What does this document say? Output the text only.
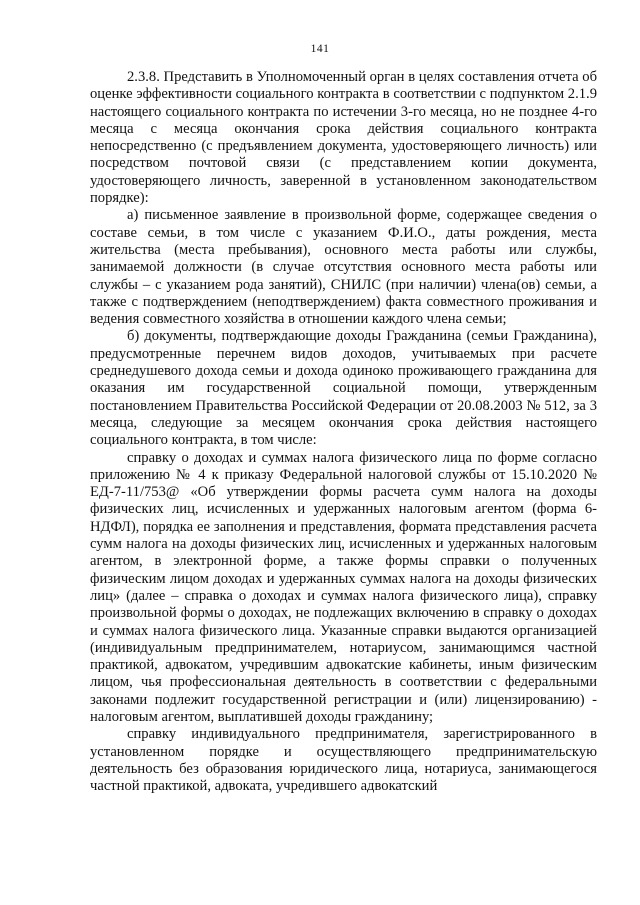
141

2.3.8. Представить в Уполномоченный орган в целях составления отчета об оценке эффективности социального контракта в соответствии с подпунктом 2.1.9 настоящего социального контракта по истечении 3-го месяца, но не позднее 4-го месяца с месяца окончания срока действия социального контракта непосредственно (с предъявлением документа, удостоверяющего личность) или посредством почтовой связи (с представлением копии документа, удостоверяющего личность, заверенной в установленном законодательством порядке):

а) письменное заявление в произвольной форме, содержащее сведения о составе семьи, в том числе с указанием Ф.И.О., даты рождения, места жительства (места пребывания), основного места работы или службы, занимаемой должности (в случае отсутствия основного места работы или службы – с указанием рода занятий), СНИЛС (при наличии) члена(ов) семьи, а также с подтверждением (неподтверждением) факта совместного проживания и ведения совместного хозяйства в отношении каждого члена семьи;

б) документы, подтверждающие доходы Гражданина (семьи Гражданина), предусмотренные перечнем видов доходов, учитываемых при расчете среднедушевого дохода семьи и дохода одиноко проживающего гражданина для оказания им государственной социальной помощи, утвержденным постановлением Правительства Российской Федерации от 20.08.2003 № 512, за 3 месяца, следующие за месяцем окончания срока действия настоящего социального контракта, в том числе:

справку о доходах и суммах налога физического лица по форме согласно приложению № 4 к приказу Федеральной налоговой службы от 15.10.2020 № ЕД-7-11/753@ «Об утверждении формы расчета сумм налога на доходы физических лиц, исчисленных и удержанных налоговым агентом (форма 6-НДФЛ), порядка ее заполнения и представления, формата представления расчета сумм налога на доходы физических лиц, исчисленных и удержанных налоговым агентом, в электронной форме, а также формы справки о полученных физическим лицом доходах и удержанных суммах налога на доходы физических лиц» (далее – справка о доходах и суммах налога физического лица), справку произвольной формы о доходах, не подлежащих включению в справку о доходах и суммах налога физического лица. Указанные справки выдаются организацией (индивидуальным предпринимателем, нотариусом, занимающимся частной практикой, адвокатом, учредившим адвокатские кабинеты, иным физическим лицом, чья профессиональная деятельность в соответствии с федеральными законами подлежит государственной регистрации и (или) лицензированию) - налоговым агентом, выплатившей доходы гражданину;

справку индивидуального предпринимателя, зарегистрированного в установленном порядке и осуществляющего предпринимательскую деятельность без образования юридического лица, нотариуса, занимающегося частной практикой, адвоката, учредившего адвокатский
